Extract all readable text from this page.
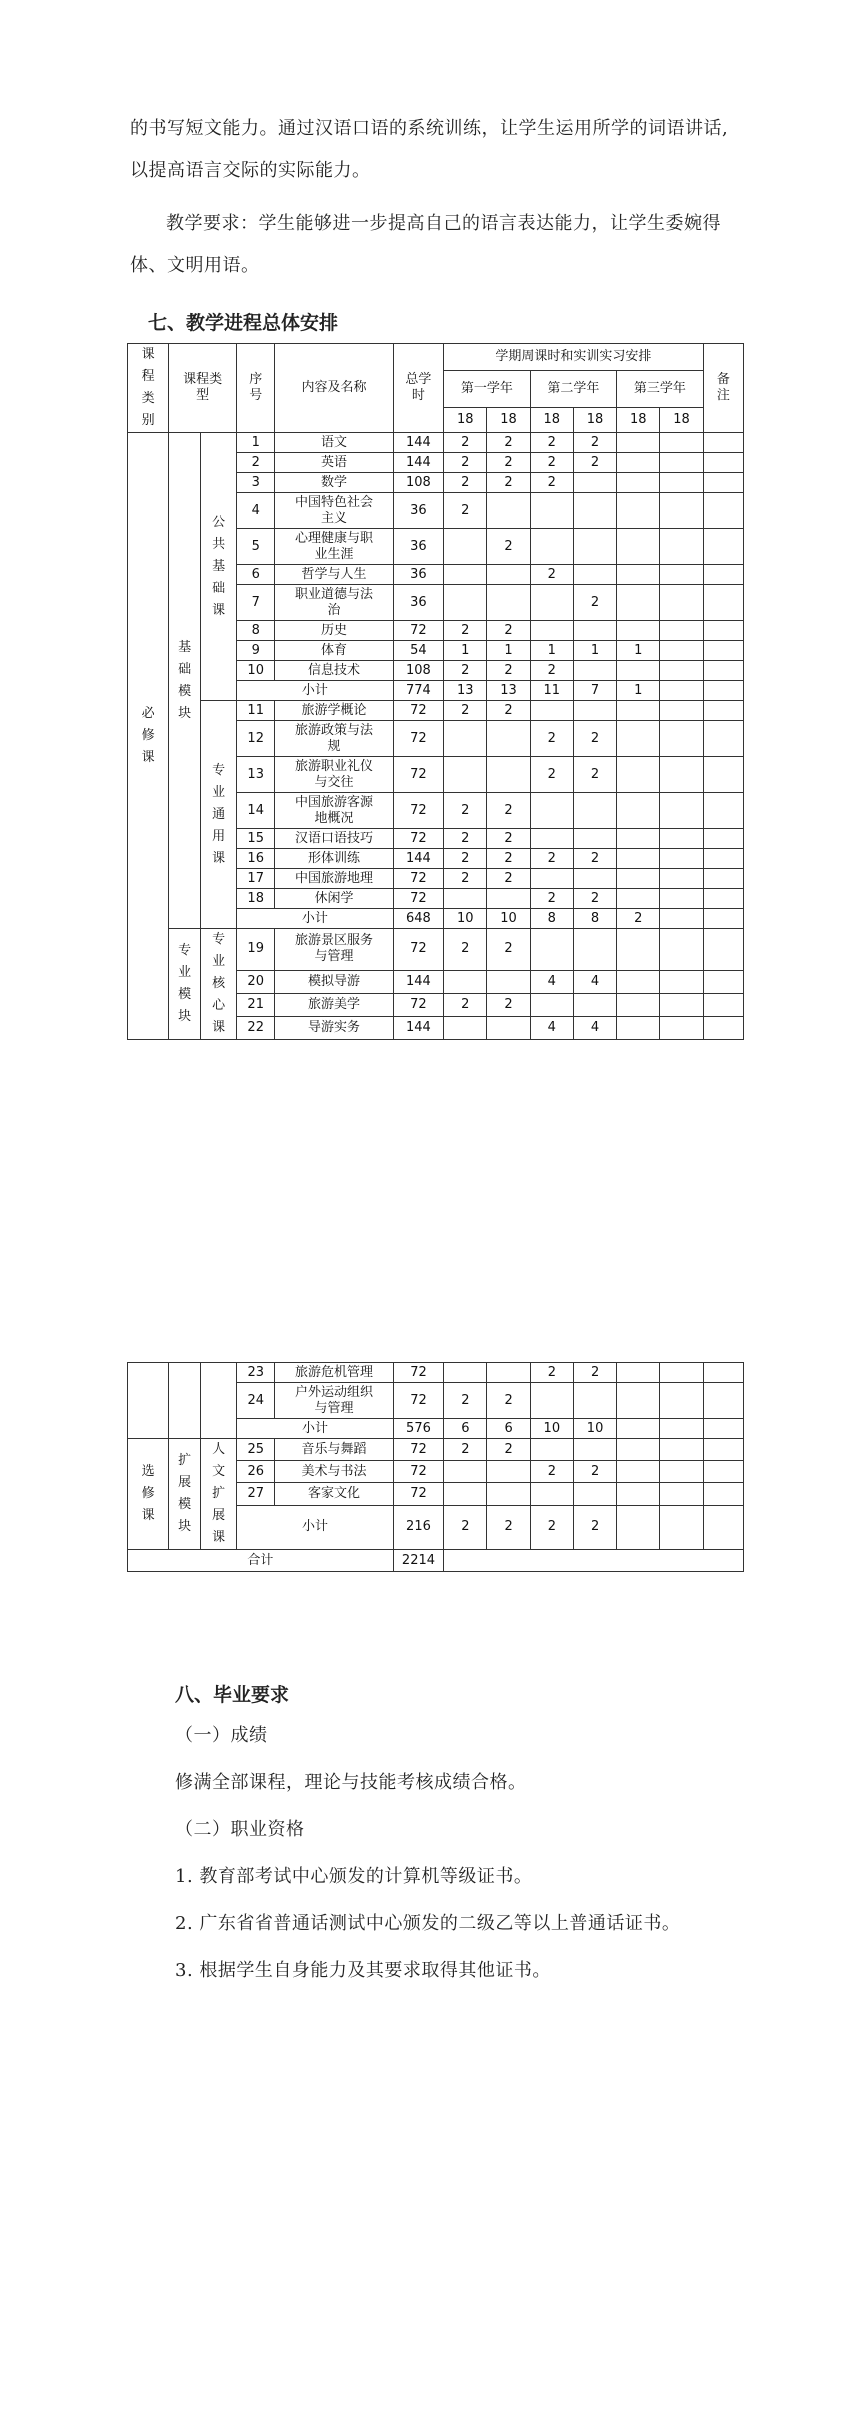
的书写短文能力。通过汉语口语的系统训练，让学生运用所学的词语讲话, 以提高语言交际的实际能力。
教学要求：学生能够进一步提高自己的语言表达能力，让学生委婉得体、文明用语。
七、教学进程总体安排
课程类别	课程类型		序号	内容及名称	总学时	学期周课时和实训实习安排						备注
						第一学年		第二学年		第三学年		
						18	18	18	18	18	18	
必修课	基础模块	公共基础课	1	语文	144	2	2	2	2			
			2	英语	144	2	2	2	2			
			3	数学	108	2	2	2				
			4	中国特色社会主义	36	2						
			5	心理健康与职业生涯	36		2					
			6	哲学与人生	36			2				
			7	职业道德与法治	36				2			
			8	历史	72	2	2					
			9	体育	54	1	1	1	1	1		
			10	信息技术	108	2	2	2				
			小计		774	13	13	11	7	1		
		专业通用课	11	旅游学概论	72	2	2					
			12	旅游政策与法规	72			2	2			
			13	旅游职业礼仪与交往	72			2	2			
			14	中国旅游客源地概况	72	2	2					
			15	汉语口语技巧	72	2	2					
			16	形体训练	144	2	2	2	2			
			17	中国旅游地理	72	2	2					
			18	休闲学	72			2	2			
			小计		648	10	10	8	8	2		
	专业模块	专业核心课	19	旅游景区服务与管理	72	2	2					
			20	模拟导游	144			4	4			
			21	旅游美学	72	2	2					
			22	导游实务	144			4	4			
			23	旅游危机管理	72			2	2			
			24	户外运动组织与管理	72	2	2					
			小计		576	6	6	10	10			
选修课	扩展模块	人文扩展课	25	音乐与舞蹈	72	2	2					
			26	美术与书法	72			2	2			
			27	客家文化	72							
			小计		216	2	2	2	2			
合计					2214							
八、毕业要求
（一）成绩
修满全部课程，理论与技能考核成绩合格。
（二）职业资格
1. 教育部考试中心颁发的计算机等级证书。
2. 广东省省普通话测试中心颁发的二级乙等以上普通话证书。
3. 根据学生自身能力及其要求取得其他证书。
